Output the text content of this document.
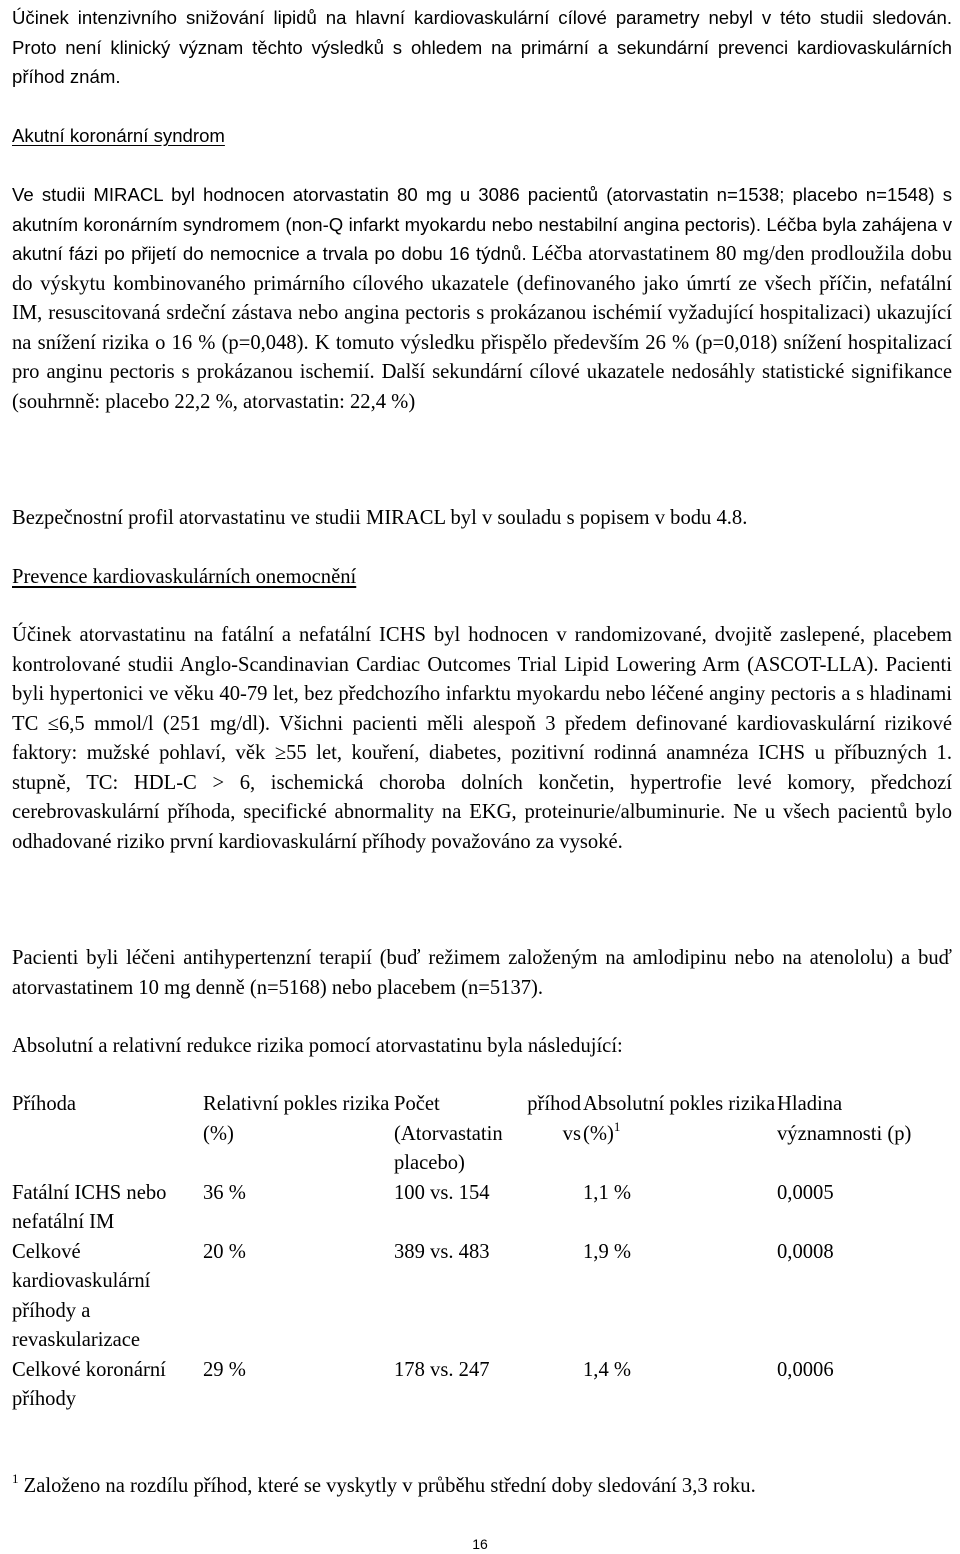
Účinek intenzivního snižování lipidů na hlavní kardiovaskulární cílové parametry nebyl v této studii sledován. Proto není klinický význam těchto výsledků s ohledem na primární a sekundární prevenci kardiovaskulárních příhod znám.

Akutní koronární syndrom

Ve studii MIRACL byl hodnocen atorvastatin 80 mg u 3086 pacientů (atorvastatin n=1538; placebo n=1548) s akutním koronárním syndromem (non-Q infarkt myokardu nebo nestabilní angina pectoris). Léčba byla zahájena v akutní fázi po přijetí do nemocnice a trvala po dobu 16 týdnů. Léčba atorvastatinem 80 mg/den prodloužila dobu do výskytu kombinovaného primárního cílového ukazatele (definovaného jako úmrtí ze všech příčin, nefatální IM, resuscitovaná srdeční zástava nebo angina pectoris s prokázanou ischémií vyžadující hospitalizaci) ukazující na snížení rizika o 16 % (p=0,048). K tomuto výsledku přispělo především 26 % (p=0,018) snížení hospitalizací pro anginu pectoris s prokázanou ischemií. Další sekundární cílové ukazatele nedosáhly statistické signifikance (souhrnně: placebo 22,2 %, atorvastatin: 22,4 %)

Bezpečnostní profil atorvastatinu ve studii MIRACL byl v souladu s popisem v bodu 4.8.

Prevence kardiovaskulárních onemocnění

Účinek atorvastatinu na fatální a nefatální ICHS byl hodnocen v randomizované, dvojitě zaslepené, placebem kontrolované studii Anglo-Scandinavian Cardiac Outcomes Trial Lipid Lowering Arm (ASCOT-LLA). Pacienti byli hypertonici ve věku 40-79 let, bez předchozího infarktu myokardu nebo léčené anginy pectoris a s hladinami TC ≤6,5 mmol/l (251 mg/dl). Všichni pacienti měli alespoň 3 předem definované kardiovaskulární rizikové faktory: mužské pohlaví, věk ≥55 let, kouření, diabetes, pozitivní rodinná anamnéza ICHS u příbuzných 1. stupně, TC: HDL-C > 6, ischemická choroba dolních končetin, hypertrofie levé komory, předchozí cerebrovaskulární příhoda, specifické abnormality na EKG, proteinurie/albuminurie. Ne u všech pacientů bylo odhadované riziko první kardiovaskulární příhody považováno za vysoké.

Pacienti byli léčeni antihypertenzní terapií (buď režimem založeným na amlodipinu nebo na atenololu) a buď atorvastatinem 10 mg denně (n=5168) nebo placebem (n=5137).

Absolutní a relativní redukce rizika pomocí atorvastatinu byla následující:

Příhoda	Relativní pokles rizika (%)	Počet příhod (Atorvastatin vs placebo)	Absolutní pokles rizika (%)$^1$	Hladina významnosti (p)
Fatální ICHS nebo nefatální IM	36 %	100 vs. 154	1,1 %	0,0005
Celkové kardiovaskulární příhody a revaskularizace	20 %	389 vs. 483	1,9 %	0,0008
Celkové koronární příhody	29 %	178 vs. 247	1,4 %	0,0006
$^1$ Založeno na rozdílu příhod, které se vyskytly v průběhu střední doby sledování 3,3 roku.
16
